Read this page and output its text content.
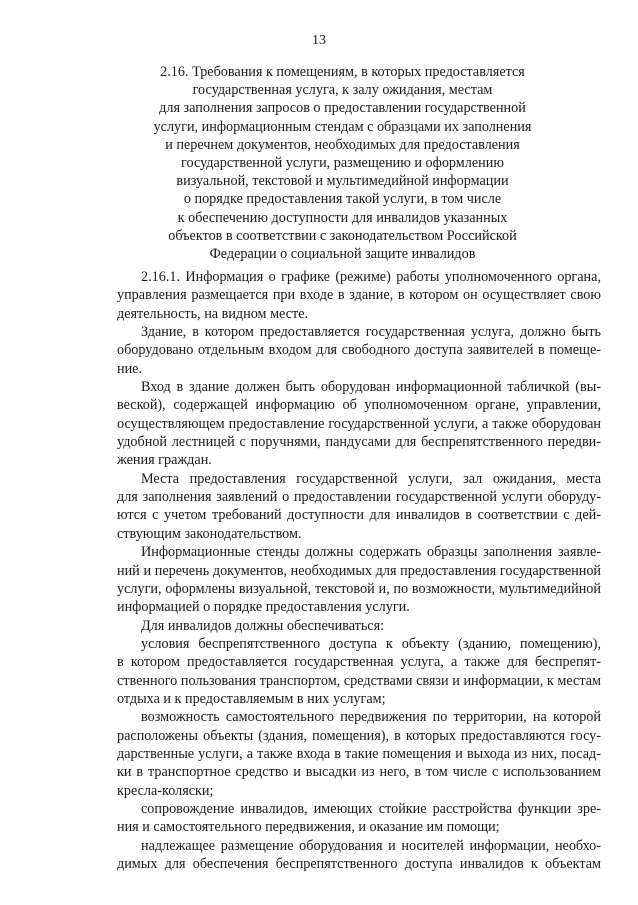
13
2.16. Требования к помещениям, в которых предоставляется
государственная услуга, к залу ожидания, местам
для заполнения запросов о предоставлении государственной
услуги, информационным стендам с образцами их заполнения
и перечнем документов, необходимых для предоставления
государственной услуги, размещению и оформлению
визуальной, текстовой и мультимедийной информации
о порядке предоставления такой услуги, в том числе
к обеспечению доступности для инвалидов указанных
объектов в соответствии с законодательством Российской
Федерации о социальной защите инвалидов
2.16.1. Информация о графике (режиме) работы уполномоченного органа,
управления размещается при входе в здание, в котором он осуществляет свою
деятельность, на видном месте.
Здание, в котором предоставляется государственная услуга, должно быть
оборудовано отдельным входом для свободного доступа заявителей в помеще-
ние.
Вход в здание должен быть оборудован информационной табличкой (вы-
веской), содержащей информацию об уполномоченном органе, управлении,
осуществляющем предоставление государственной услуги, а также оборудован
удобной лестницей с поручнями, пандусами для беспрепятственного передви-
жения граждан.
Места предоставления государственной услуги, зал ожидания, места
для заполнения заявлений о предоставлении государственной услуги оборуду-
ются с учетом требований доступности для инвалидов в соответствии с дей-
ствующим законодательством.
Информационные стенды должны содержать образцы заполнения заявле-
ний и перечень документов, необходимых для предоставления государственной
услуги, оформлены визуальной, текстовой и, по возможности, мультимедийной
информацией о порядке предоставления услуги.
Для инвалидов должны обеспечиваться:
условия беспрепятственного доступа к объекту (зданию, помещению),
в котором предоставляется государственная услуга, а также для беспрепят-
ственного пользования транспортом, средствами связи и информации, к местам
отдыха и к предоставляемым в них услугам;
возможность самостоятельного передвижения по территории, на которой
расположены объекты (здания, помещения), в которых предоставляются госу-
дарственные услуги, а также входа в такие помещения и выхода из них, посад-
ки в транспортное средство и высадки из него, в том числе с использованием
кресла-коляски;
сопровождение инвалидов, имеющих стойкие расстройства функции зре-
ния и самостоятельного передвижения, и оказание им помощи;
надлежащее размещение оборудования и носителей информации, необхо-
димых для обеспечения беспрепятственного доступа инвалидов к объектам
